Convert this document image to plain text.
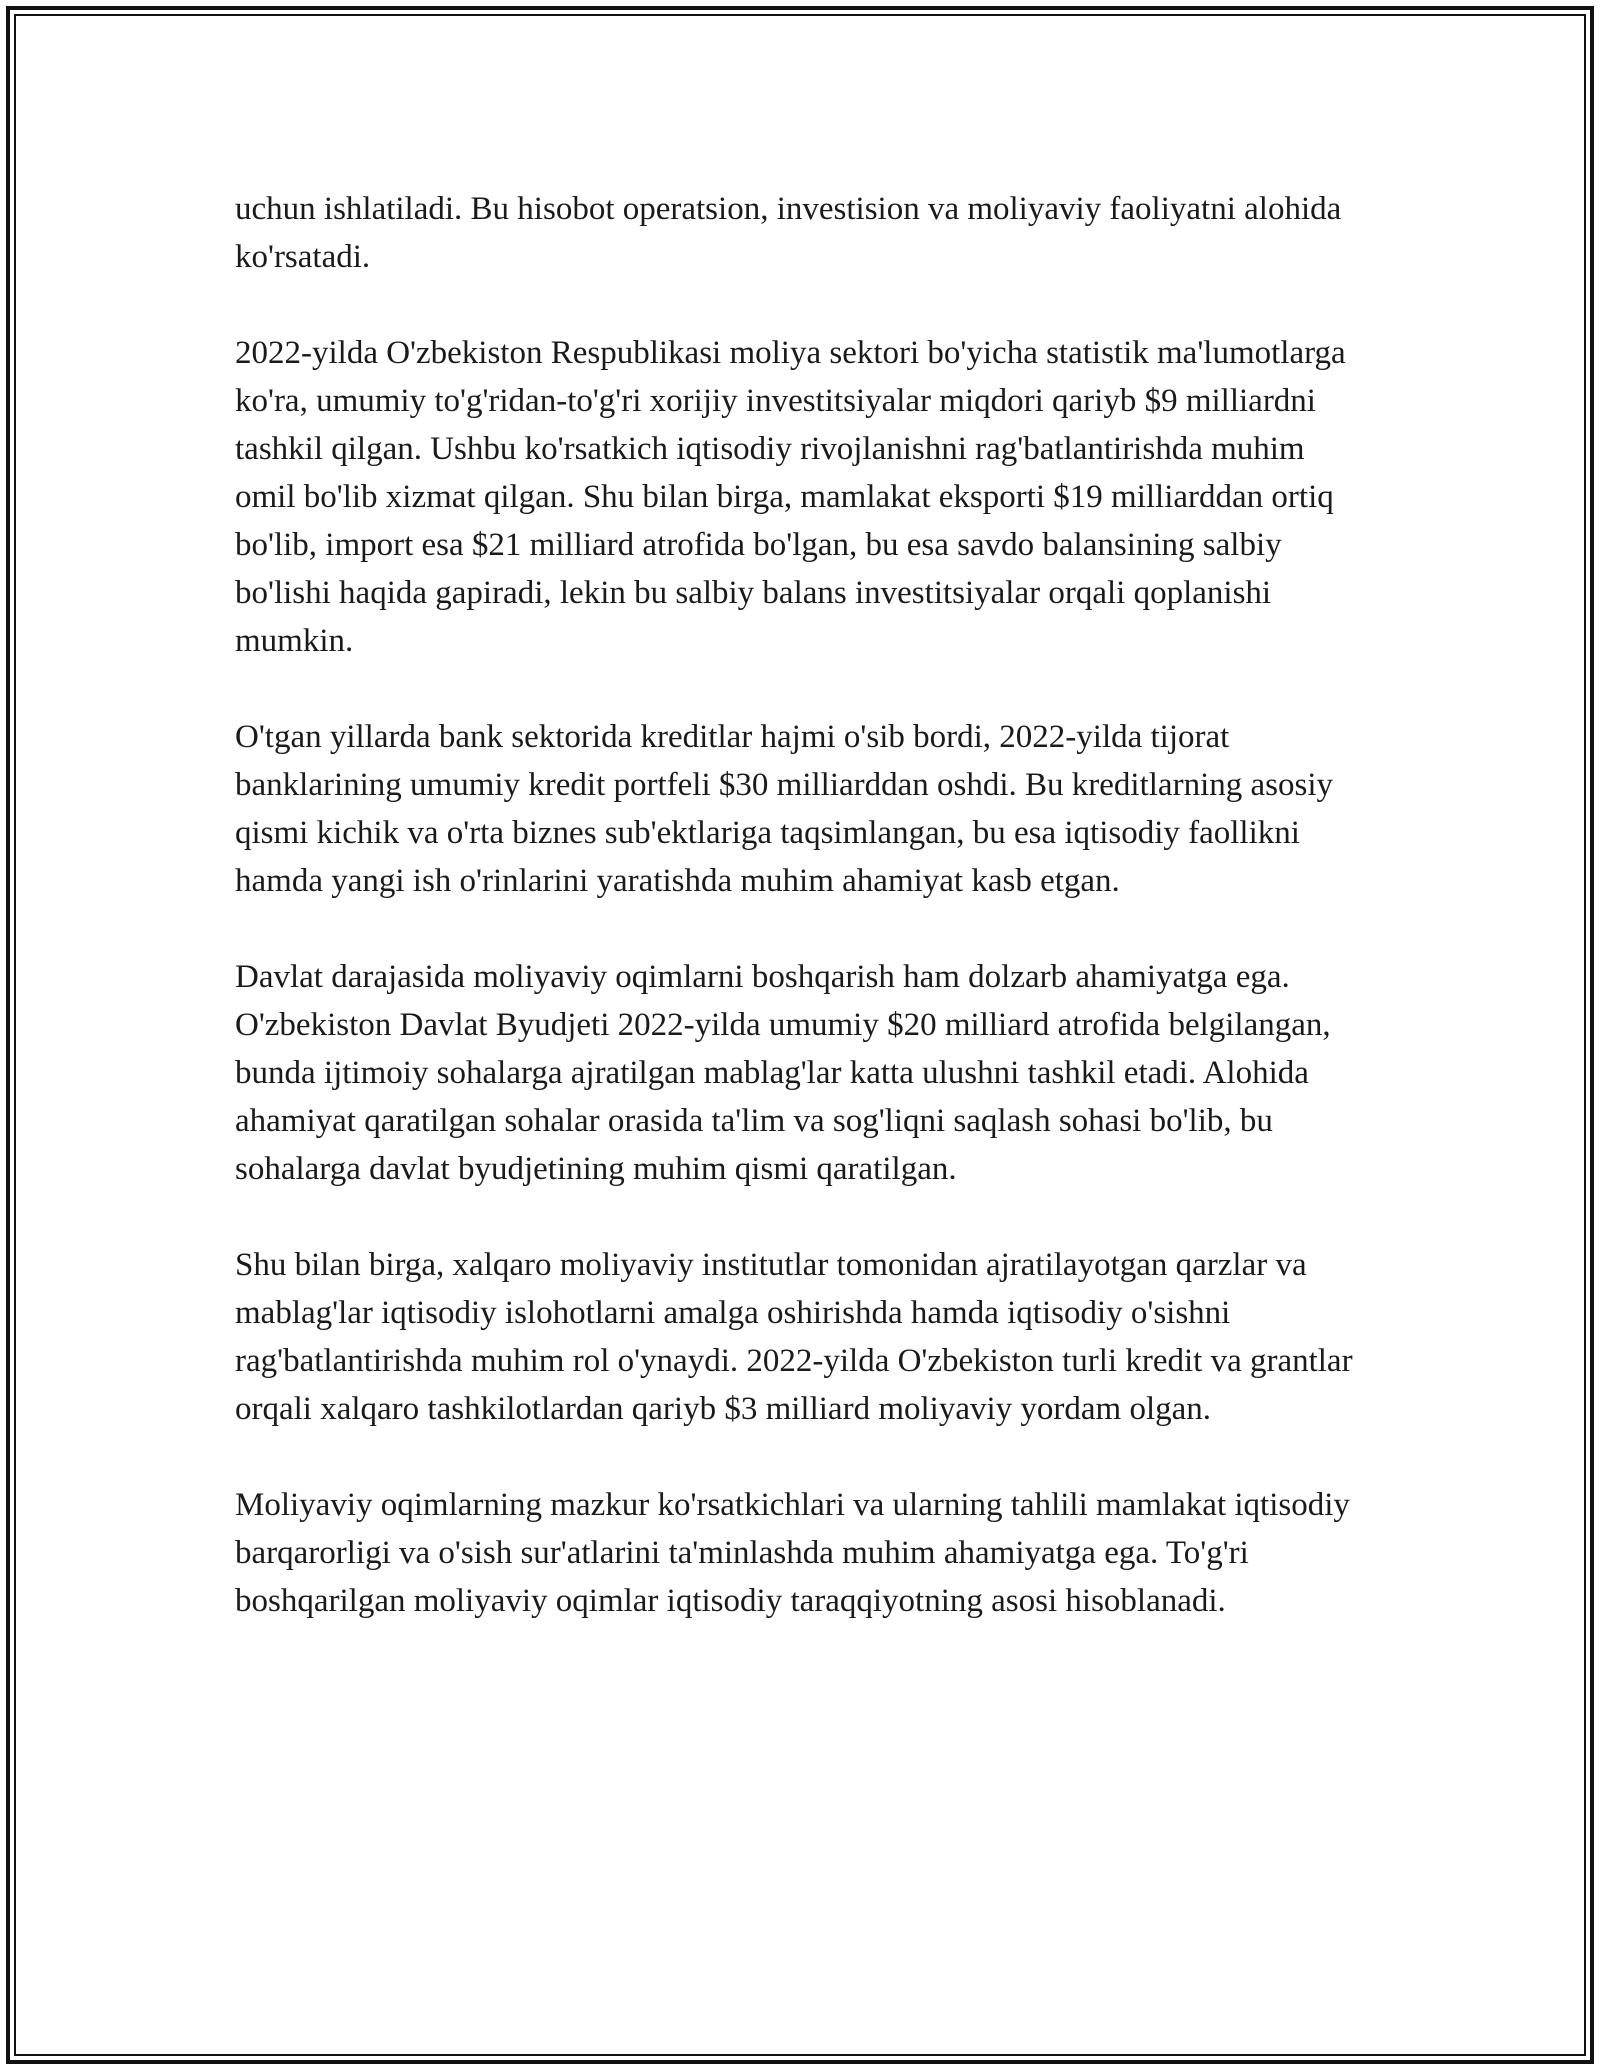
uchun ishlatiladi. Bu hisobot operatsion, investision va moliyaviy faoliyatni alohida ko'rsatadi.

2022-yilda O'zbekiston Respublikasi moliya sektori bo'yicha statistik ma'lumotlarga ko'ra, umumiy to'g'ridan-to'g'ri xorijiy investitsiyalar miqdori qariyb $9 milliardni tashkil qilgan. Ushbu ko'rsatkich iqtisodiy rivojlanishni rag'batlantirishda muhim omil bo'lib xizmat qilgan. Shu bilan birga, mamlakat eksporti $19 milliarddan ortiq bo'lib, import esa $21 milliard atrofida bo'lgan, bu esa savdo balansining salbiy bo'lishi haqida gapiradi, lekin bu salbiy balans investitsiyalar orqali qoplanishi mumkin.

O'tgan yillarda bank sektorida kreditlar hajmi o'sib bordi, 2022-yilda tijorat banklarining umumiy kredit portfeli $30 milliarddan oshdi. Bu kreditlarning asosiy qismi kichik va o'rta biznes sub'ektlariga taqsimlangan, bu esa iqtisodiy faollikni hamda yangi ish o'rinlarini yaratishda muhim ahamiyat kasb etgan.

Davlat darajasida moliyaviy oqimlarni boshqarish ham dolzarb ahamiyatga ega. O'zbekiston Davlat Byudjeti 2022-yilda umumiy $20 milliard atrofida belgilangan, bunda ijtimoiy sohalarga ajratilgan mablag'lar katta ulushni tashkil etadi. Alohida ahamiyat qaratilgan sohalar orasida ta'lim va sog'liqni saqlash sohasi bo'lib, bu sohalarga davlat byudjetining muhim qismi qaratilgan.

Shu bilan birga, xalqaro moliyaviy institutlar tomonidan ajratilayotgan qarzlar va mablag'lar iqtisodiy islohotlarni amalga oshirishda hamda iqtisodiy o'sishni rag'batlantirishda muhim rol o'ynaydi. 2022-yilda O'zbekiston turli kredit va grantlar orqali xalqaro tashkilotlardan qariyb $3 milliard moliyaviy yordam olgan.

Moliyaviy oqimlarning mazkur ko'rsatkichlari va ularning tahlili mamlakat iqtisodiy barqarorligi va o'sish sur'atlarini ta'minlashda muhim ahamiyatga ega. To'g'ri boshqarilgan moliyaviy oqimlar iqtisodiy taraqqiyotning asosi hisoblanadi.
